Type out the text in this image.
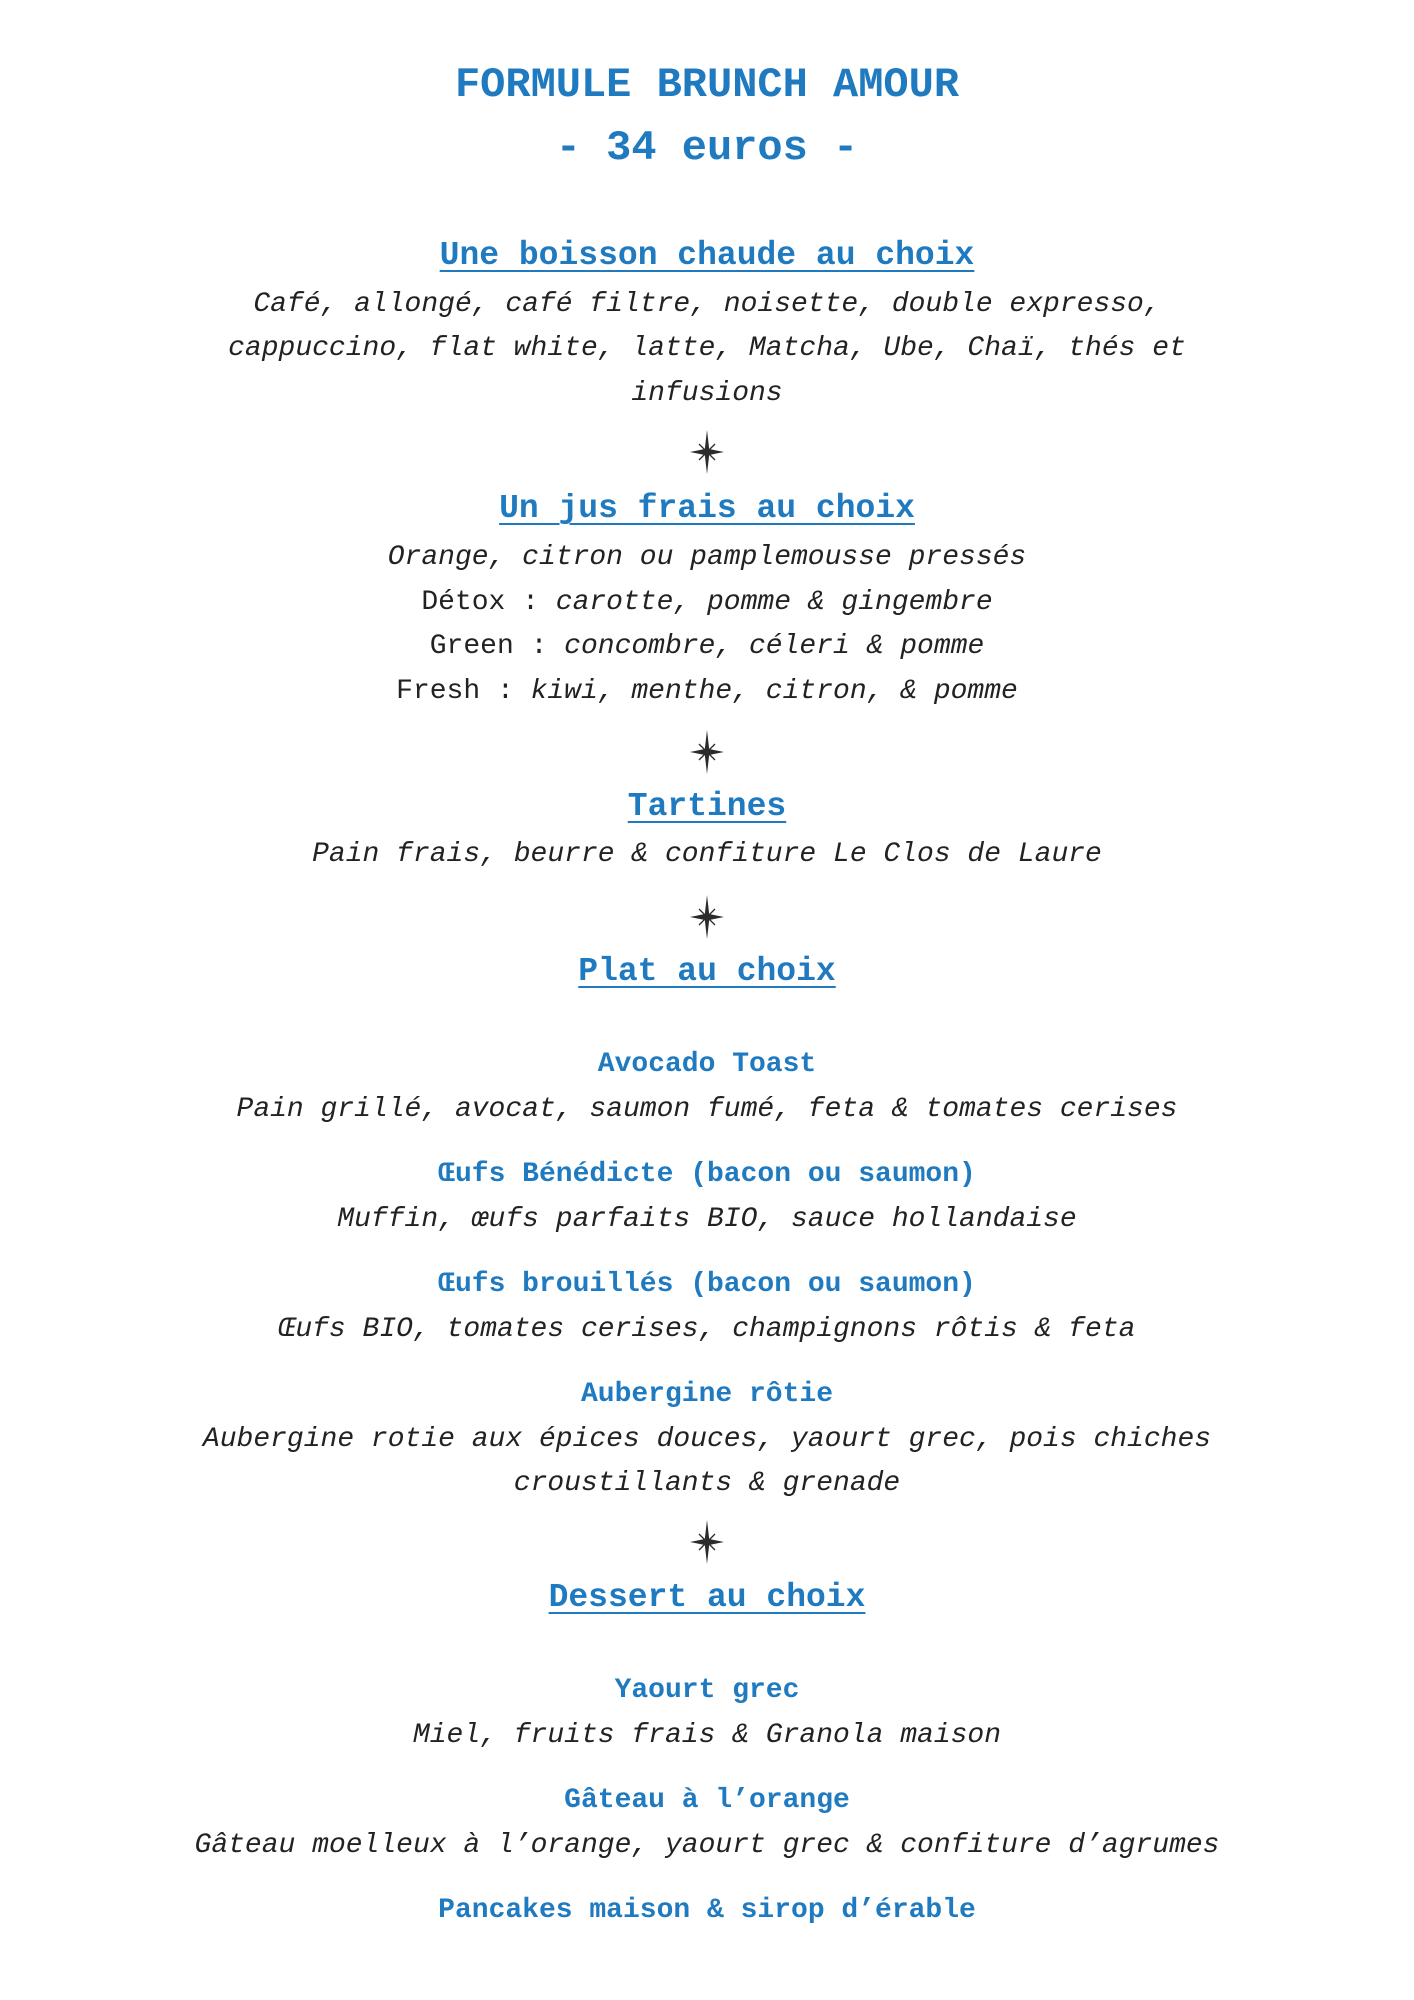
FORMULE BRUNCH AMOUR
- 34 euros -
Une boisson chaude au choix
Café, allongé, café filtre, noisette, double expresso,
cappuccino, flat white, latte, Matcha, Ube, Chaï, thés et
infusions
Un jus frais au choix
Orange, citron ou pamplemousse pressés
Détox : carotte, pomme & gingembre
Green : concombre, céleri & pomme
Fresh : kiwi, menthe, citron, & pomme
Tartines
Pain frais, beurre & confiture Le Clos de Laure
Plat au choix
Avocado Toast
Pain grillé, avocat, saumon fumé, feta & tomates cerises
Œufs Bénédicte (bacon ou saumon)
Muffin, œufs parfaits BIO, sauce hollandaise
Œufs brouillés (bacon ou saumon)
Œufs BIO, tomates cerises, champignons rôtis & feta
Aubergine rôtie
Aubergine rotie aux épices douces, yaourt grec, pois chiches
croustillants & grenade
Dessert au choix
Yaourt grec
Miel, fruits frais & Granola maison
Gâteau à l’orange
Gâteau moelleux à l’orange, yaourt grec & confiture d’agrumes
Pancakes maison & sirop d’érable
